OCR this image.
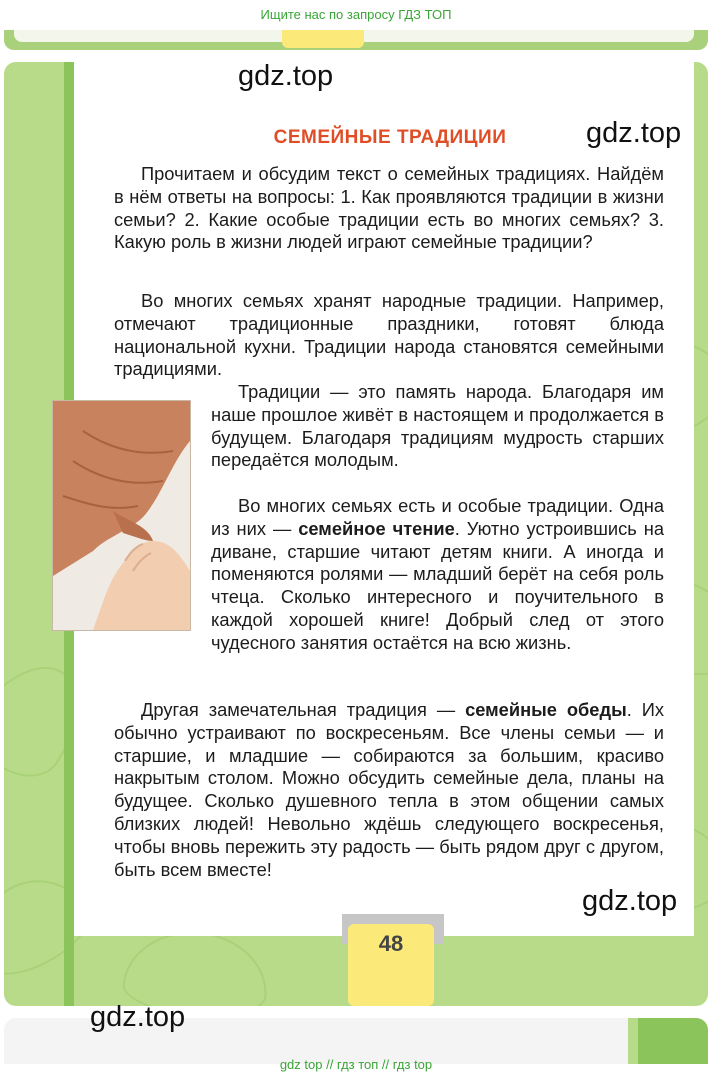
Ищите нас по запросу ГДЗ ТОП
48
gdz.top
gdz.top
СЕМЕЙНЫЕ ТРАДИЦИИ

Прочитаем и обсудим текст о семейных традициях. Найдём в нём ответы на вопросы: 1. Как проявляются традиции в жизни семьи? 2. Какие особые традиции есть во многих семьях? 3. Какую роль в жизни людей играют семейные традиции?

Во многих семьях хранят народные традиции. Например, отмечают традиционные праздники, готовят блюда национальной кухни. Традиции народа становятся семейными традициями.

Традиции — это память народа. Благодаря им наше прошлое живёт в настоящем и продолжается в будущем. Благодаря традициям мудрость старших передаётся молодым.

Во многих семьях есть и особые традиции. Одна из них — семейное чтение. Уютно устроившись на диване, старшие читают детям книги. А иногда и поменяются ролями — младший берёт на себя роль чтеца. Сколько интересного и поучительного в каждой хорошей книге! Добрый след от этого чудесного занятия остаётся на всю жизнь.

Другая замечательная традиция — семейные обеды. Их обычно устраивают по воскресеньям. Все члены семьи — и старшие, и младшие — собираются за большим, красиво накрытым столом. Можно обсудить семейные дела, планы на будущее. Сколько душевного тепла в этом общении самых близких людей! Невольно ждёшь следующего воскресенья, чтобы вновь пережить эту радость — быть рядом друг с другом, быть всем вместе!

gdz.top
gdz.top
gdz top // гдз топ // гдз top
